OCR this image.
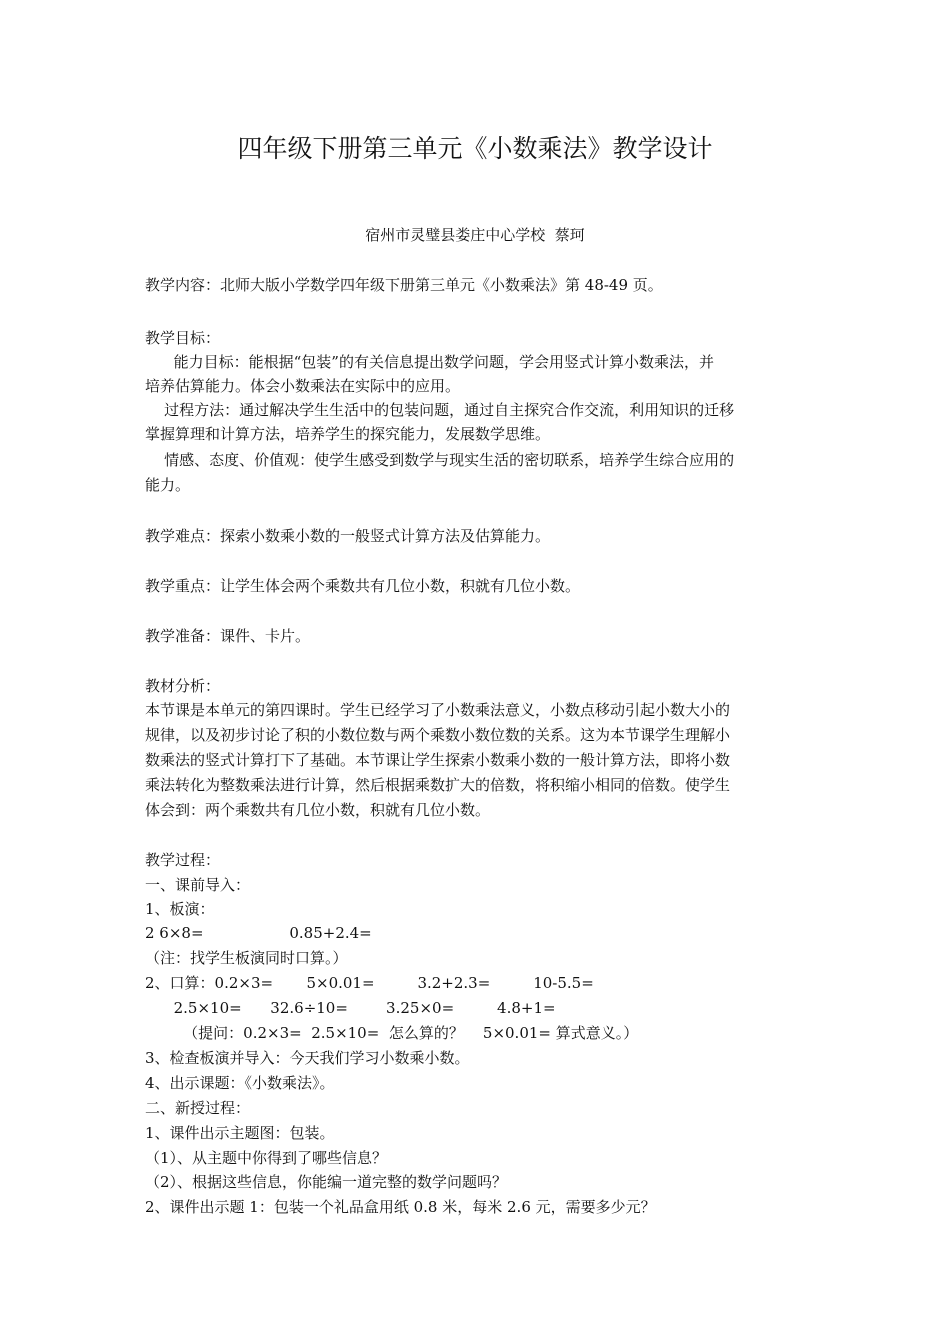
四年级下册第三单元《小数乘法》教学设计
宿州市灵璧县娄庄中心学校  蔡珂
教学内容：北师大版小学数学四年级下册第三单元《小数乘法》第 48-49 页。
教学目标：
能力目标：能根据“包装”的有关信息提出数学问题，学会用竖式计算小数乘法，并
培养估算能力。体会小数乘法在实际中的应用。
过程方法：通过解决学生生活中的包装问题，通过自主探究合作交流，利用知识的迁移
掌握算理和计算方法，培养学生的探究能力，发展数学思维。
情感、态度、价值观：使学生感受到数学与现实生活的密切联系，培养学生综合应用的
能力。
教学难点：探索小数乘小数的一般竖式计算方法及估算能力。
教学重点：让学生体会两个乘数共有几位小数，积就有几位小数。
教学准备：课件、卡片。
教材分析：
本节课是本单元的第四课时。学生已经学习了小数乘法意义，小数点移动引起小数大小的
规律，以及初步讨论了积的小数位数与两个乘数小数位数的关系。这为本节课学生理解小
数乘法的竖式计算打下了基础。本节课让学生探索小数乘小数的一般计算方法，即将小数
乘法转化为整数乘法进行计算，然后根据乘数扩大的倍数，将积缩小相同的倍数。使学生
体会到：两个乘数共有几位小数，积就有几位小数。
教学过程：
一、课前导入：
1、板演：
2 6×8=                  0.85+2.4=
（注：找学生板演同时口算。）
2、口算：0.2×3=       5×0.01=         3.2+2.3=         10-5.5=
2.5×10=      32.6÷10=        3.25×0=         4.8+1=
（提问：0.2×3=  2.5×10=  怎么算的？    5×0.01= 算式意义。）
3、检查板演并导入：今天我们学习小数乘小数。
4、出示课题：《小数乘法》。
二、新授过程：
1、课件出示主题图：包装。
（1）、从主题中你得到了哪些信息？
（2）、根据这些信息，你能编一道完整的数学问题吗？
2、课件出示题 1：包装一个礼品盒用纸 0.8 米，每米 2.6 元，需要多少元？
